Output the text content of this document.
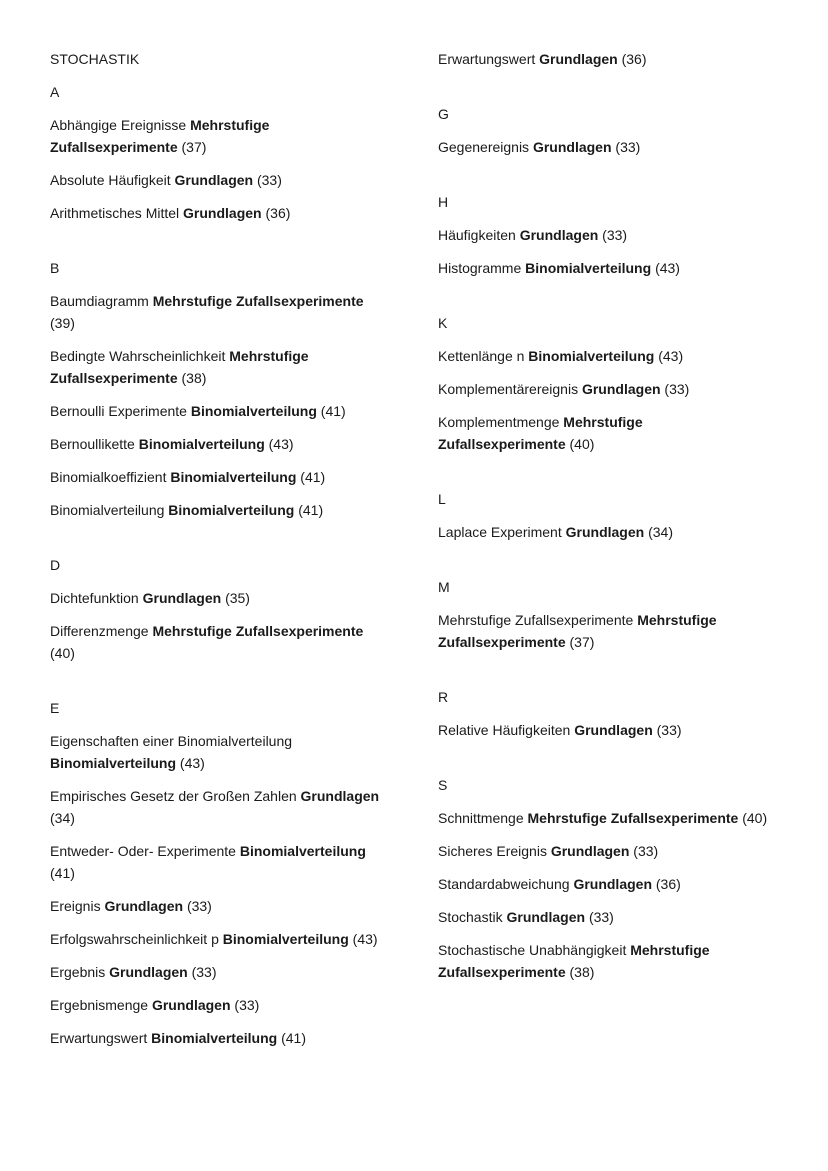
STOCHASTIK
A
Abhängige Ereignisse Mehrstufige Zufallsexperimente (37)
Absolute Häufigkeit Grundlagen (33)
Arithmetisches Mittel Grundlagen (36)
B
Baumdiagramm Mehrstufige Zufallsexperimente (39)
Bedingte Wahrscheinlichkeit Mehrstufige Zufallsexperimente (38)
Bernoulli Experimente Binomialverteilung (41)
Bernoullikette Binomialverteilung (43)
Binomialkoeffizient Binomialverteilung (41)
Binomialverteilung Binomialverteilung (41)
D
Dichtefunktion Grundlagen (35)
Differenzmenge Mehrstufige Zufallsexperimente (40)
E
Eigenschaften einer Binomialverteilung Binomialverteilung (43)
Empirisches Gesetz der Großen Zahlen Grundlagen (34)
Entweder- Oder- Experimente Binomialverteilung (41)
Ereignis Grundlagen (33)
Erfolgswahrscheinlichkeit p Binomialverteilung (43)
Ergebnis Grundlagen (33)
Ergebnismenge Grundlagen (33)
Erwartungswert Binomialverteilung (41)
Erwartungswert Grundlagen (36)
G
Gegenereignis Grundlagen (33)
H
Häufigkeiten Grundlagen (33)
Histogramme Binomialverteilung (43)
K
Kettenlänge n Binomialverteilung (43)
Komplementärereignis Grundlagen (33)
Komplementmenge Mehrstufige Zufallsexperimente (40)
L
Laplace Experiment Grundlagen (34)
M
Mehrstufige Zufallsexperimente Mehrstufige Zufallsexperimente (37)
R
Relative Häufigkeiten Grundlagen (33)
S
Schnittmenge Mehrstufige Zufallsexperimente (40)
Sicheres Ereignis Grundlagen (33)
Standardabweichung Grundlagen (36)
Stochastik Grundlagen (33)
Stochastische Unabhängigkeit Mehrstufige Zufallsexperimente (38)
